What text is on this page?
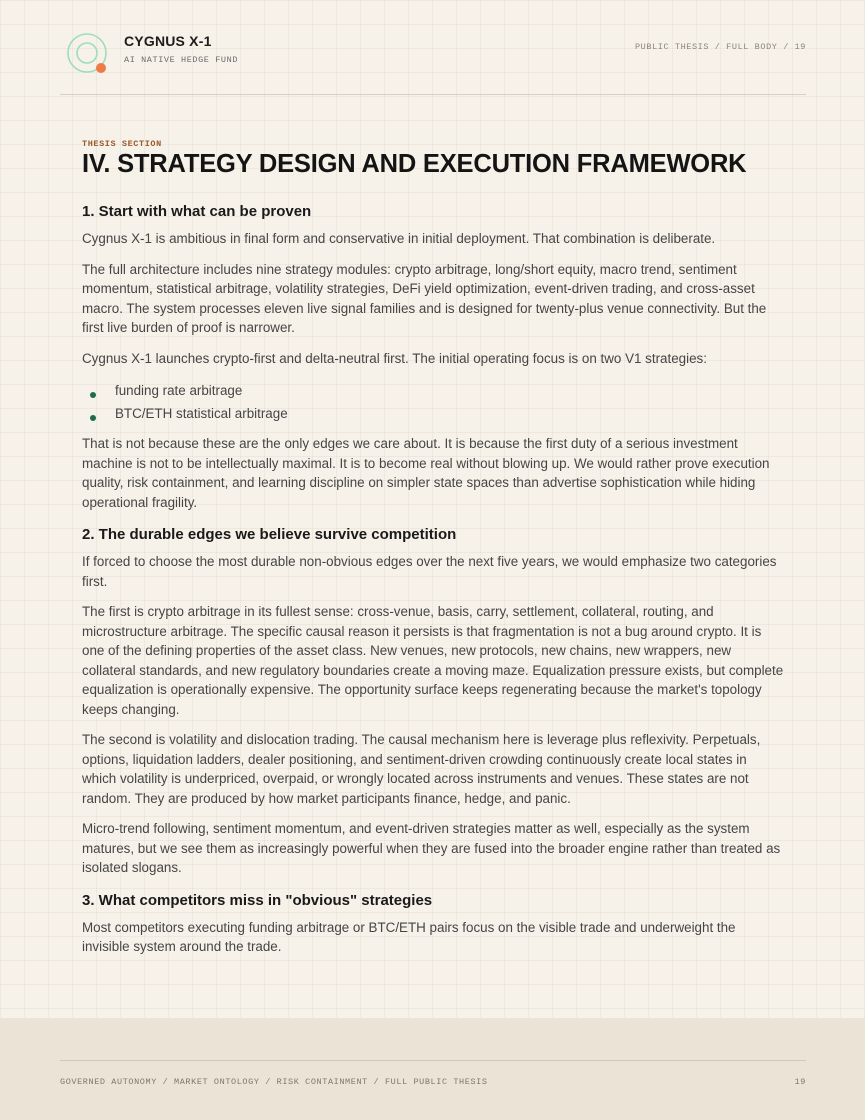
CYGNUS X-1
AI NATIVE HEDGE FUND
PUBLIC THESIS / FULL BODY / 19
THESIS SECTION
IV. STRATEGY DESIGN AND EXECUTION FRAMEWORK
1. Start with what can be proven

Cygnus X-1 is ambitious in final form and conservative in initial deployment. That combination is deliberate.

The full architecture includes nine strategy modules: crypto arbitrage, long/short equity, macro trend, sentiment momentum, statistical arbitrage, volatility strategies, DeFi yield optimization, event-driven trading, and cross-asset macro. The system processes eleven live signal families and is designed for twenty-plus venue connectivity. But the first live burden of proof is narrower.

Cygnus X-1 launches crypto-first and delta-neutral first. The initial operating focus is on two V1 strategies:

funding rate arbitrage
BTC/ETH statistical arbitrage

That is not because these are the only edges we care about. It is because the first duty of a serious investment machine is not to be intellectually maximal. It is to become real without blowing up. We would rather prove execution quality, risk containment, and learning discipline on simpler state spaces than advertise sophistication while hiding operational fragility.

2. The durable edges we believe survive competition

If forced to choose the most durable non-obvious edges over the next five years, we would emphasize two categories first.

The first is crypto arbitrage in its fullest sense: cross-venue, basis, carry, settlement, collateral, routing, and microstructure arbitrage. The specific causal reason it persists is that fragmentation is not a bug around crypto. It is one of the defining properties of the asset class. New venues, new protocols, new chains, new wrappers, new collateral standards, and new regulatory boundaries create a moving maze. Equalization pressure exists, but complete equalization is operationally expensive. The opportunity surface keeps regenerating because the market's topology keeps changing.

The second is volatility and dislocation trading. The causal mechanism here is leverage plus reflexivity. Perpetuals, options, liquidation ladders, dealer positioning, and sentiment-driven crowding continuously create local states in which volatility is underpriced, overpaid, or wrongly located across instruments and venues. These states are not random. They are produced by how market participants finance, hedge, and panic.

Micro-trend following, sentiment momentum, and event-driven strategies matter as well, especially as the system matures, but we see them as increasingly powerful when they are fused into the broader engine rather than treated as isolated slogans.

3. What competitors miss in "obvious" strategies

Most competitors executing funding arbitrage or BTC/ETH pairs focus on the visible trade and underweight the invisible system around the trade.

GOVERNED AUTONOMY / MARKET ONTOLOGY / RISK CONTAINMENT / FULL PUBLIC THESIS	19
